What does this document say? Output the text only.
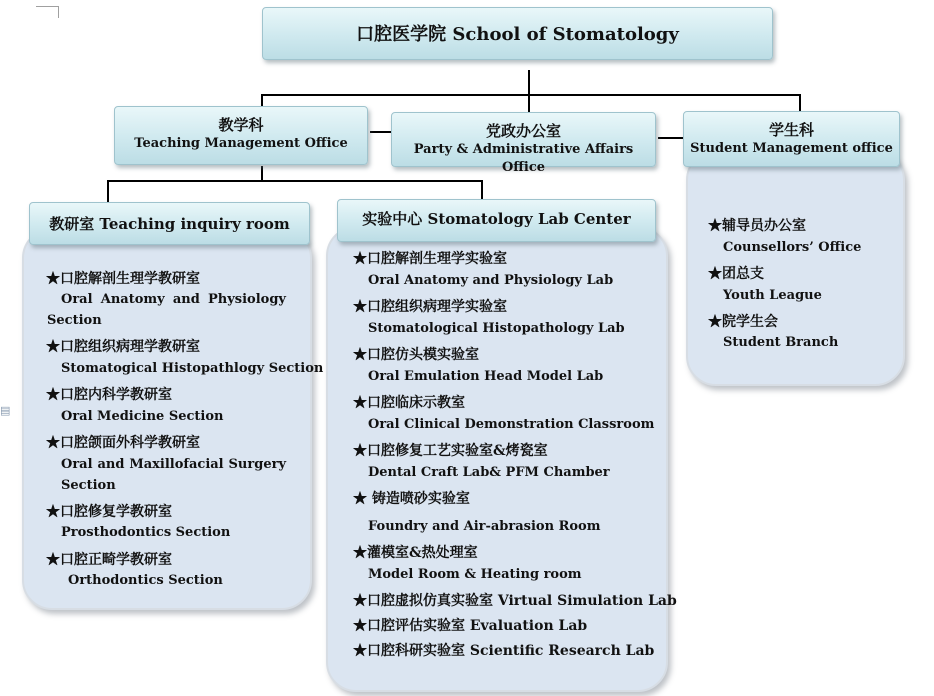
▤
口腔医学院 School of Stomatology
教学科
Teaching Management Office
党政办公室
Party & Administrative Affairs Office
学生科
Student Management office
教研室 Teaching inquiry room	实验中心 Stomatology Lab Center
★口腔解剖生理学教研室
Oral Anatomy and Physiology
Section
★口腔组织病理学教研室
Stomatogical Histopathlogy Section
★口腔内科学教研室
Oral Medicine Section
★口腔颌面外科学教研室
Oral and Maxillofacial Surgery
Section
★口腔修复学教研室
Prosthodontics Section
★口腔正畸学教研室
Orthodontics Section
★口腔解剖生理学实验室
Oral Anatomy and Physiology Lab
★口腔组织病理学实验室
Stomatological Histopathology Lab
★口腔仿头模实验室
Oral Emulation Head Model Lab
★口腔临床示教室
Oral Clinical Demonstration Classroom
★口腔修复工艺实验室&烤瓷室
Dental Craft Lab& PFM Chamber
★ 铸造喷砂实验室
Foundry and Air-abrasion Room
★灌模室&热处理室
Model Room & Heating room
★口腔虚拟仿真实验室 Virtual Simulation Lab
★口腔评估实验室 Evaluation Lab
★口腔科研实验室 Scientific Research Lab
★辅导员办公室
Counsellors’ Office
★团总支
Youth League
★院学生会
Student Branch
